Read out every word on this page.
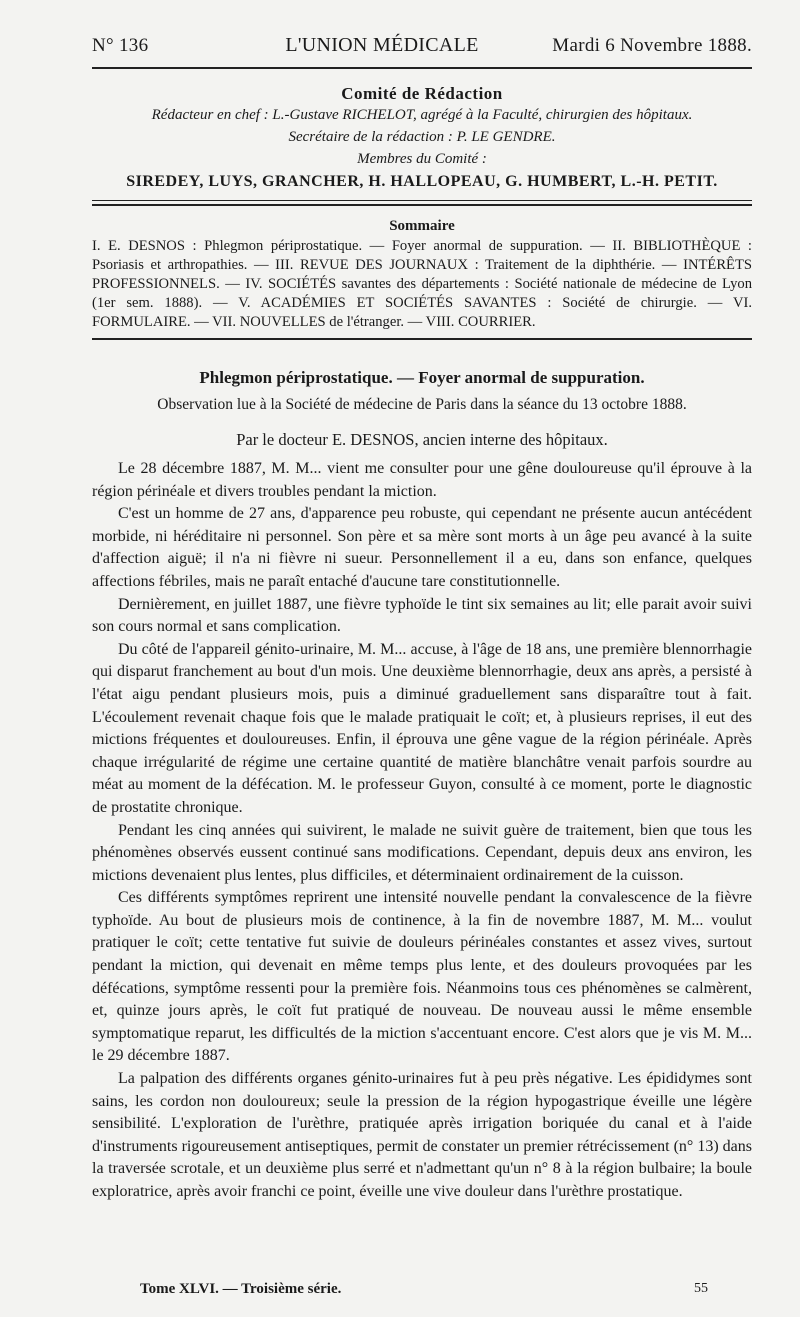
N° 136	L'UNION MÉDICALE	Mardi 6 Novembre 1888.
Comité de Rédaction
Rédacteur en chef : L.-Gustave RICHELOT, agrégé à la Faculté, chirurgien des hôpitaux.
Secrétaire de la rédaction : P. LE GENDRE.
Membres du Comité :
SIREDEY, LUYS, GRANCHER, H. HALLOPEAU, G. HUMBERT, L.-H. PETIT.
Sommaire
I. E. DESNOS : Phlegmon périprostatique. — Foyer anormal de suppuration. — II. BIBLIOTHÈQUE : Psoriasis et arthropathies. — III. REVUE DES JOURNAUX : Traitement de la diphthérie. — INTÉRÊTS PROFESSIONNELS. — IV. SOCIÉTÉS savantes des départements : Société nationale de médecine de Lyon (1er sem. 1888). — V. ACADÉMIES ET SOCIÉTÉS SAVANTES : Société de chirurgie. — VI. FORMULAIRE. — VII. NOUVELLES de l'étranger. — VIII. COURRIER.
Phlegmon périprostatique. — Foyer anormal de suppuration.
Observation lue à la Société de médecine de Paris dans la séance du 13 octobre 1888.
Par le docteur E. DESNOS, ancien interne des hôpitaux.

Le 28 décembre 1887, M. M... vient me consulter pour une gêne douloureuse qu'il éprouve à la région périnéale et divers troubles pendant la miction.

C'est un homme de 27 ans, d'apparence peu robuste, qui cependant ne présente aucun antécédent morbide, ni héréditaire ni personnel. Son père et sa mère sont morts à un âge peu avancé à la suite d'affection aiguë; il n'a ni fièvre ni sueur. Personnellement il a eu, dans son enfance, quelques affections fébriles, mais ne paraît entaché d'aucune tare constitutionnelle.

Dernièrement, en juillet 1887, une fièvre typhoïde le tint six semaines au lit; elle parait avoir suivi son cours normal et sans complication.

Du côté de l'appareil génito-urinaire, M. M... accuse, à l'âge de 18 ans, une première blennorrhagie qui disparut franchement au bout d'un mois. Une deuxième blennorrhagie, deux ans après, a persisté à l'état aigu pendant plusieurs mois, puis a diminué graduellement sans disparaître tout à fait. L'écoulement revenait chaque fois que le malade pratiquait le coït; et, à plusieurs reprises, il eut des mictions fréquentes et douloureuses. Enfin, il éprouva une gêne vague de la région périnéale. Après chaque irrégularité de régime une certaine quantité de matière blanchâtre venait parfois sourdre au méat au moment de la défécation. M. le professeur Guyon, consulté à ce moment, porte le diagnostic de prostatite chronique.

Pendant les cinq années qui suivirent, le malade ne suivit guère de traitement, bien que tous les phénomènes observés eussent continué sans modifications. Cependant, depuis deux ans environ, les mictions devenaient plus lentes, plus difficiles, et déterminaient ordinairement de la cuisson.

Ces différents symptômes reprirent une intensité nouvelle pendant la convalescence de la fièvre typhoïde. Au bout de plusieurs mois de continence, à la fin de novembre 1887, M. M... voulut pratiquer le coït; cette tentative fut suivie de douleurs périnéales constantes et assez vives, surtout pendant la miction, qui devenait en même temps plus lente, et des douleurs provoquées par les défécations, symptôme ressenti pour la première fois. Néanmoins tous ces phénomènes se calmèrent, et, quinze jours après, le coït fut pratiqué de nouveau. De nouveau aussi le même ensemble symptomatique reparut, les difficultés de la miction s'accentuant encore. C'est alors que je vis M. M... le 29 décembre 1887.

La palpation des différents organes génito-urinaires fut à peu près négative. Les épididymes sont sains, les cordon non douloureux; seule la pression de la région hypogastrique éveille une légère sensibilité. L'exploration de l'urèthre, pratiquée après irrigation boriquée du canal et à l'aide d'instruments rigoureusement antiseptiques, permit de constater un premier rétrécissement (n° 13) dans la traversée scrotale, et un deuxième plus serré et n'admettant qu'un n° 8 à la région bulbaire; la boule exploratrice, après avoir franchi ce point, éveille une vive douleur dans l'urèthre prostatique.

Tome XLVI. — Troisième série.	55
